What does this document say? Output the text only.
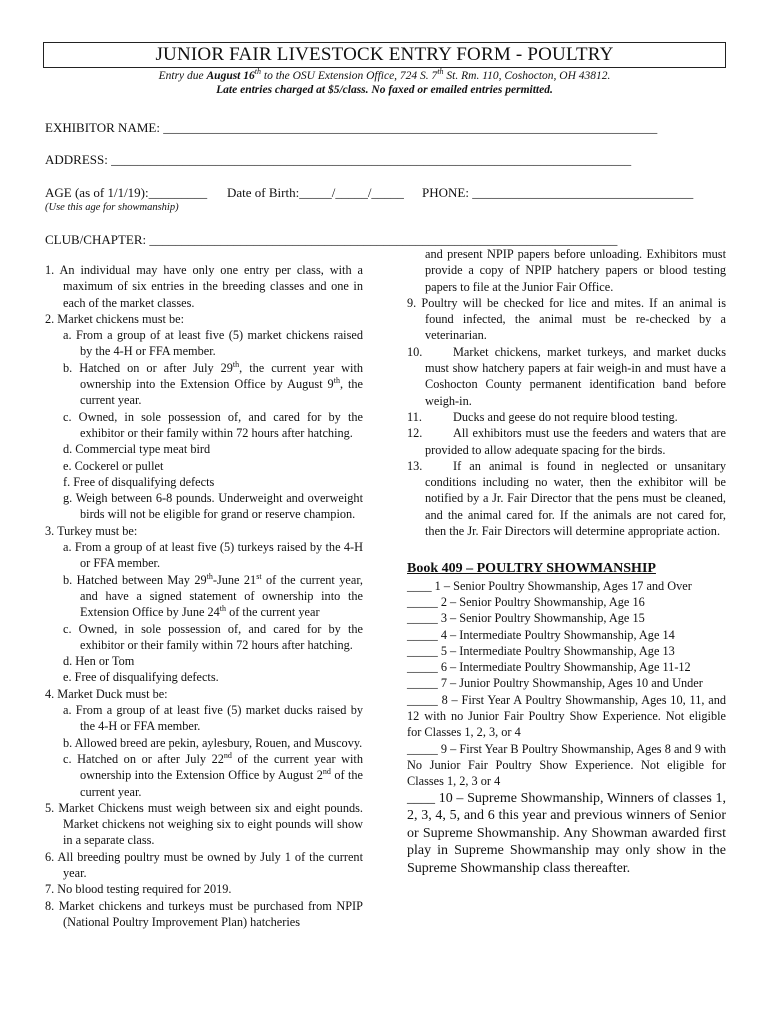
JUNIOR FAIR LIVESTOCK ENTRY FORM - POULTRY
Entry due August 16th to the OSU Extension Office, 724 S. 7th St. Rm. 110, Coshocton, OH 43812.
Late entries charged at $5/class. No faxed or emailed entries permitted.
EXHIBITOR NAME: ____________________________________________________________________________
ADDRESS: ________________________________________________________________________________
AGE (as of 1/1/19):_________ Date of Birth:_____/_____/_____ PHONE: __________________________________
(Use this age for showmanship)
CLUB/CHAPTER: ________________________________________________________________________

1. An individual may have only one entry per class, with a maximum of six entries in the breeding classes and one in each of the market classes.

2. Market chickens must be:

a. From a group of at least five (5) market chickens raised by the 4-H or FFA member.

b. Hatched on or after July 29th, the current year with ownership into the Extension Office by August 9th, the current year.

c. Owned, in sole possession of, and cared for by the exhibitor or their family within 72 hours after hatching.

d. Commercial type meat bird

e. Cockerel or pullet

f. Free of disqualifying defects

g. Weigh between 6-8 pounds. Underweight and overweight birds will not be eligible for grand or reserve champion.

3. Turkey must be:

a. From a group of at least five (5) turkeys raised by the 4-H or FFA member.

b. Hatched between May 29th-June 21st of the current year, and have a signed statement of ownership into the Extension Office by June 24th of the current year

c. Owned, in sole possession of, and cared for by the exhibitor or their family within 72 hours after hatching.

d. Hen or Tom

e. Free of disqualifying defects.

4. Market Duck must be:

a. From a group of at least five (5) market ducks raised by the 4-H or FFA member.

b. Allowed breed are pekin, aylesbury, Rouen, and Muscovy.

c. Hatched on or after July 22nd of the current year with ownership into the Extension Office by August 2nd of the current year.

5. Market Chickens must weigh between six and eight pounds. Market chickens not weighing six to eight pounds will show in a separate class.

6. All breeding poultry must be owned by July 1 of the current year.

7. No blood testing required for 2019.

8. Market chickens and turkeys must be purchased from NPIP (National Poultry Improvement Plan) hatcheries

and present NPIP papers before unloading. Exhibitors must provide a copy of NPIP hatchery papers or blood testing papers to file at the Junior Fair Office.

9. Poultry will be checked for lice and mites. If an animal is found infected, the animal must be re-checked by a veterinarian.

10. Market chickens, market turkeys, and market ducks must show hatchery papers at fair weigh-in and must have a Coshocton County permanent identification band before weigh-in.

11.	Ducks and geese do not require blood testing.

12. All exhibitors must use the feeders and waters that are provided to allow adequate spacing for the birds.

13. If an animal is found in neglected or unsanitary conditions including no water, then the exhibitor will be notified by a Jr. Fair Director that the pens must be cleaned, and the animal cared for. If the animals are not cared for, then the Jr. Fair Directors will determine appropriate action.

Book 409 – POULTRY SHOWMANSHIP

____ 1 – Senior Poultry Showmanship, Ages 17 and Over

_____ 2 – Senior Poultry Showmanship, Age 16

_____ 3 – Senior Poultry Showmanship, Age 15

_____ 4 – Intermediate Poultry Showmanship, Age 14

_____ 5 – Intermediate Poultry Showmanship, Age 13

_____ 6 – Intermediate Poultry Showmanship, Age 11-12

_____ 7 – Junior Poultry Showmanship, Ages 10 and Under

_____ 8 – First Year A Poultry Showmanship, Ages 10, 11, and 12 with no Junior Fair Poultry Show Experience. Not eligible for Classes 1, 2, 3, or 4

_____ 9 – First Year B Poultry Showmanship, Ages 8 and 9 with No Junior Fair Poultry Show Experience. Not eligible for Classes 1, 2, 3 or 4

____ 10 – Supreme Showmanship, Winners of classes 1, 2, 3, 4, 5, and 6 this year and previous winners of Senior or Supreme Showmanship. Any Showman awarded first play in Supreme Showmanship may only show in the Supreme Showmanship class thereafter.
